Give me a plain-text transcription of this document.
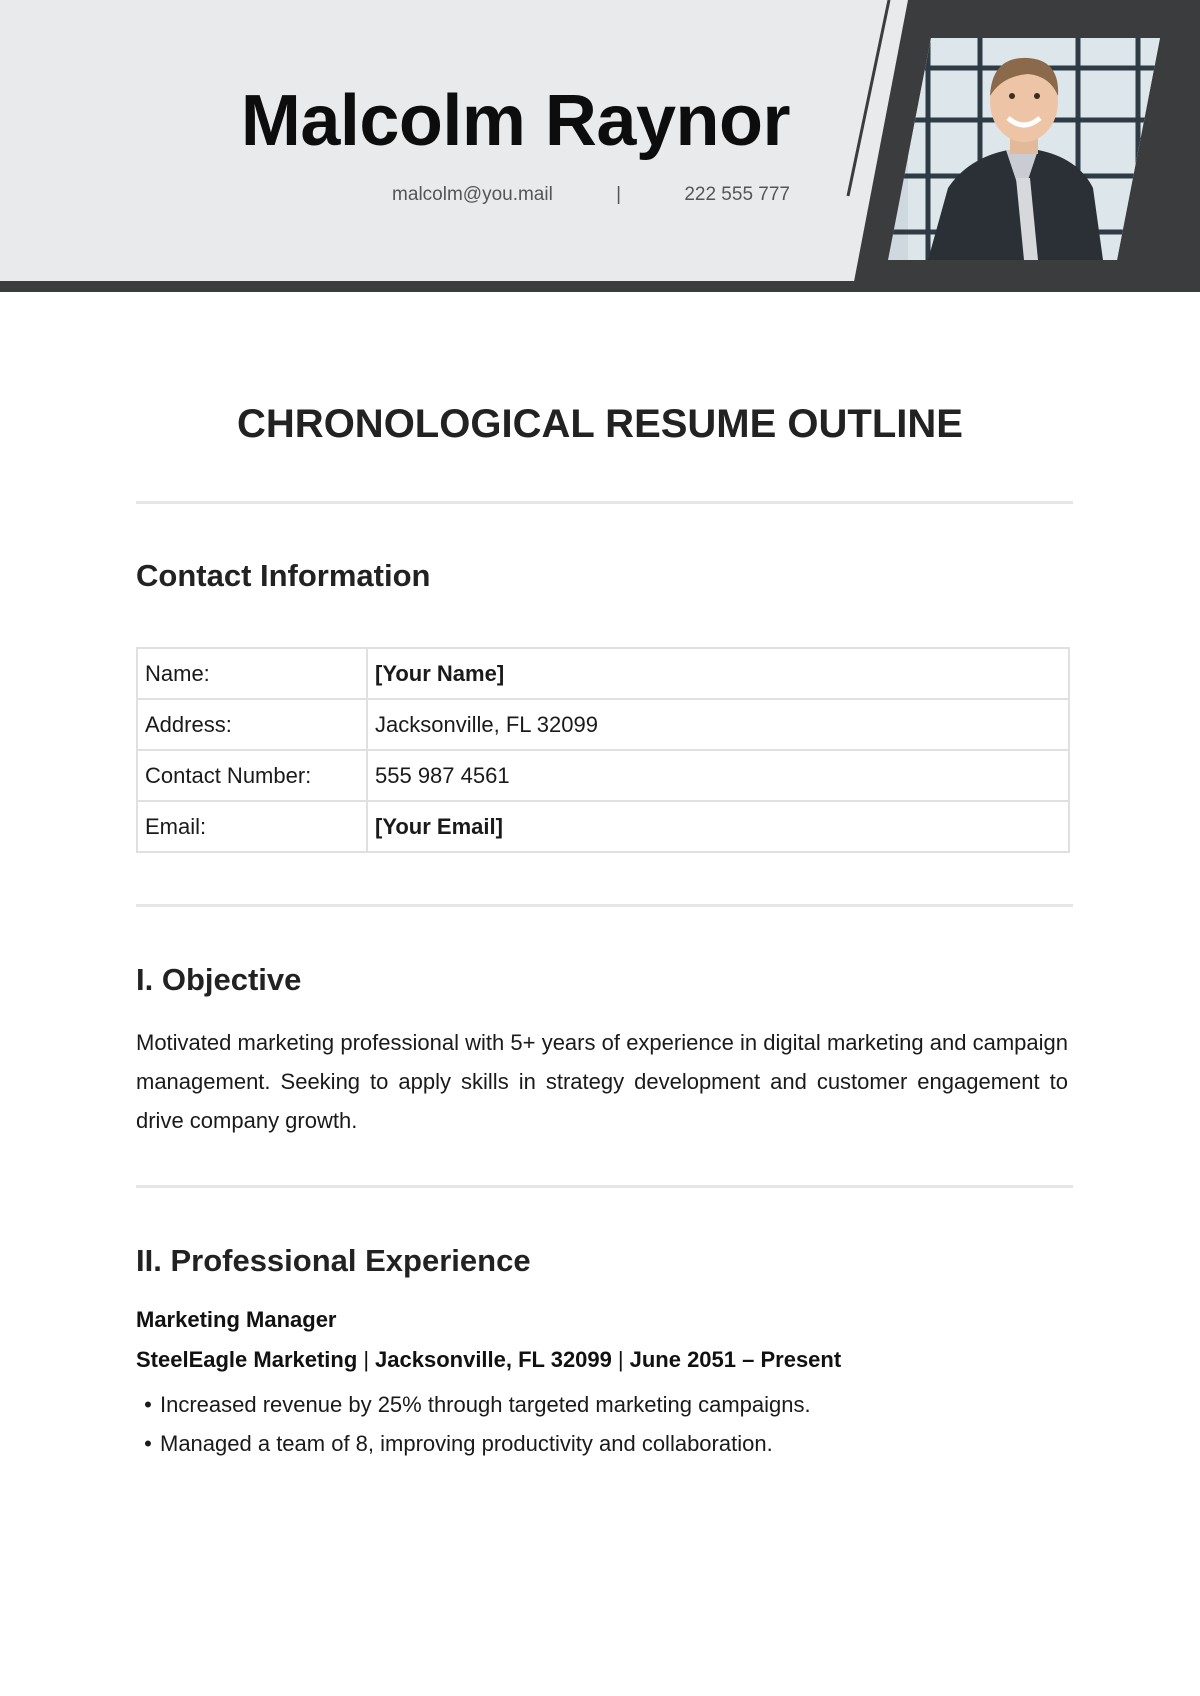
Malcolm Raynor
malcolm@you.mail	|	222 555 777
CHRONOLOGICAL RESUME OUTLINE
Contact Information
Name:	[Your Name]
Address:	Jacksonville, FL 32099
Contact Number:	555 987 4561
Email:	[Your Email]
I. Objective

Motivated marketing professional with 5+ years of experience in digital marketing and campaign management. Seeking to apply skills in strategy development and customer engagement to drive company growth.

II. Professional Experience

Marketing Manager

SteelEagle Marketing | Jacksonville, FL 32099 | June 2051 – Present

• Increased revenue by 25% through targeted marketing campaigns.
• Managed a team of 8, improving productivity and collaboration.
